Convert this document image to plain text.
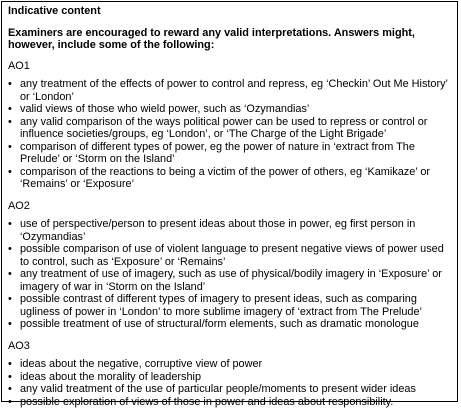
Indicative content
Examiners are encouraged to reward any valid interpretations. Answers might, however, include some of the following:
AO1
• any treatment of the effects of power to control and repress, eg ‘Checkin’ Out Me History’ or ‘London’
• valid views of those who wield power, such as ‘Ozymandias’
• any valid comparison of the ways political power can be used to repress or control or influence societies/groups, eg ‘London’, or ‘The Charge of the Light Brigade’
• comparison of different types of power, eg the power of nature in ‘extract from The Prelude’ or ‘Storm on the Island’
• comparison of the reactions to being a victim of the power of others, eg ‘Kamikaze’ or ‘Remains’ or ‘Exposure’
AO2
• use of perspective/person to present ideas about those in power, eg first person in ‘Ozymandias’
• possible comparison of use of violent language to present negative views of power used to control, such as ‘Exposure’ or ‘Remains’
• any treatment of use of imagery, such as use of physical/bodily imagery in ‘Exposure’ or imagery of war in ‘Storm on the Island’
• possible contrast of different types of imagery to present ideas, such as comparing ugliness of power in ‘London’ to more sublime imagery of ‘extract from The Prelude’
• possible treatment of use of structural/form elements, such as dramatic monologue
AO3
• ideas about the negative, corruptive view of power
• ideas about the morality of leadership
• any valid treatment of the use of particular people/moments to present wider ideas
• possible exploration of views of those in power and ideas about responsibility.
